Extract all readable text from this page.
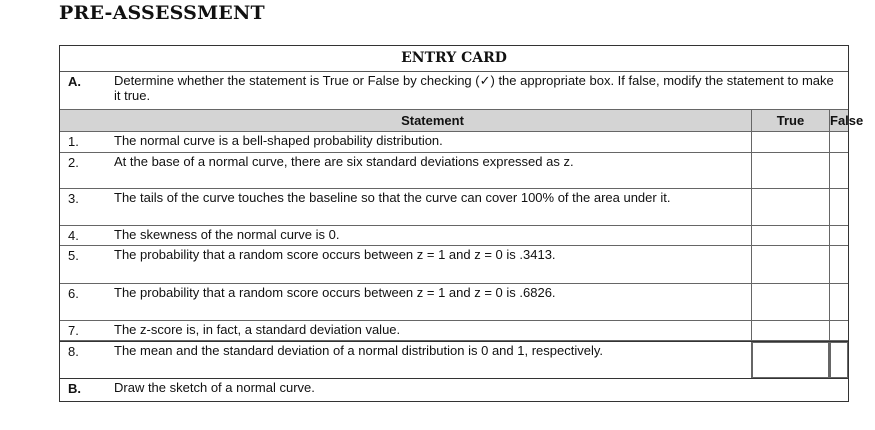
PRE-ASSESSMENT
ENTRY CARD
A.	Determine whether the statement is True or False by checking (✓) the appropriate box. If false, modify the statement to make it true.
Statement	True	False
1.	The normal curve is a bell-shaped probability distribution.
2.	At the base of a normal curve, there are six standard deviations expressed as z.
3.	The tails of the curve touches the baseline so that the curve can cover 100% of the area under it.
4.	The skewness of the normal curve is 0.
5.	The probability that a random score occurs between z = 1 and z = 0 is .3413.
6.	The probability that a random score occurs between z = 1 and z = 0 is .6826.
7.	The z-score is, in fact, a standard deviation value.
8.	The mean and the standard deviation of a normal distribution is 0 and 1, respectively.
B.	Draw the sketch of a normal curve.
